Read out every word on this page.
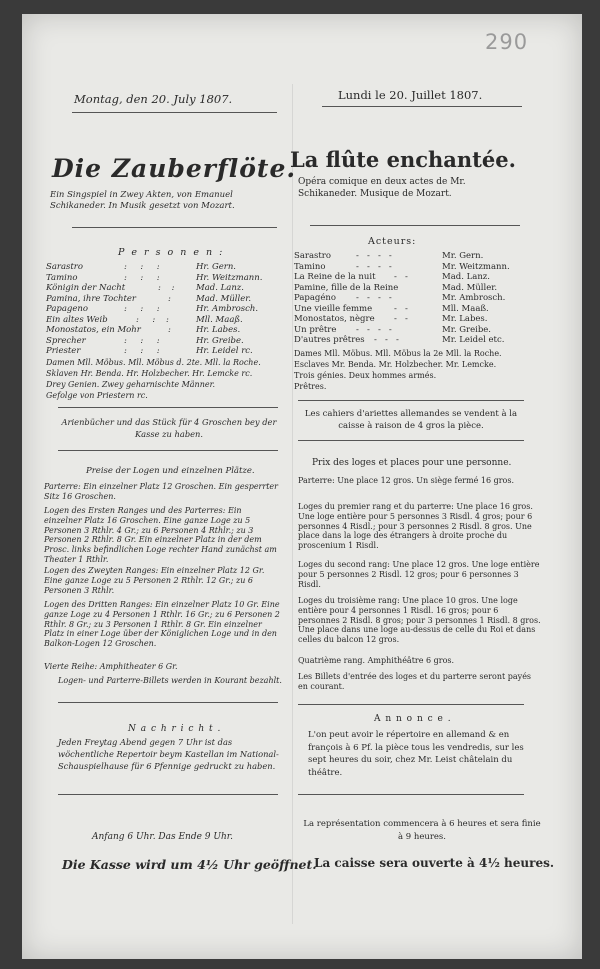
290
Montag, den 20. July 1807.
Die Zauberflöte.
Ein Singspiel in Zwey Akten, von Emanuel Schikaneder. In Musik gesetzt von Mozart.
P e r s o n e n :
Sarastro	:     :     :	Hr. Gern.
Tamino	:     :     :	Hr. Weitzmann.
Königin der Nacht	:    :	Mad. Lanz.
Pamina, ihre Tochter	:	Mad. Müller.
Papageno	:     :     :	Hr. Ambrosch.
Ein altes Weib	:     :    :	Mll. Maaß.
Monostatos, ein Mohr	:	Hr. Labes.
Sprecher	:     :     :	Hr. Greibe.
Priester	:     :     :	Hr. Leidel rc.
Damen Mll. Möbus. Mll. Möbus d. 2te. Mll. la Roche.
Sklaven Hr. Benda. Hr. Holzbecher. Hr. Lemcke rc.
Drey Genien. Zwey geharnischte Männer.
Gefolge von Priestern rc.
Arienbücher und das Stück für 4 Groschen bey der Kasse zu haben.
Preise der Logen und einzelnen Plätze.
Parterre: Ein einzelner Platz 12 Groschen. Ein gesperrter Sitz 16 Groschen.
Logen des Ersten Ranges und des Parterres: Ein einzelner Platz 16 Groschen. Eine ganze Loge zu 5 Personen 3 Rthlr. 4 Gr.; zu 6 Personen 4 Rthlr.; zu 3 Personen 2 Rthlr. 8 Gr. Ein einzelner Platz in der dem Prosc. links befindlichen Loge rechter Hand zunächst am Theater 1 Rthlr.
Logen des Zweyten Ranges: Ein einzelner Platz 12 Gr. Eine ganze Loge zu 5 Personen 2 Rthlr. 12 Gr.; zu 6 Personen 3 Rthlr.
Logen des Dritten Ranges: Ein einzelner Platz 10 Gr. Eine ganze Loge zu 4 Personen 1 Rthlr. 16 Gr.; zu 6 Personen 2 Rthlr. 8 Gr.; zu 3 Personen 1 Rthlr. 8 Gr. Ein einzelner Platz in einer Loge über der Königlichen Loge und in den Balkon-Logen 12 Groschen.
Vierte Reihe: Amphitheater 6 Gr.
Logen- und Parterre-Billets werden in Kourant bezahlt.
N a c h r i c h t .
Jeden Freytag Abend gegen 7 Uhr ist das wöchentliche Repertoir beym Kastellan im National-Schauspielhause für 6 Pfennige gedruckt zu haben.
Anfang 6 Uhr. Das Ende 9 Uhr.
Die Kasse wird um 4½ Uhr geöffnet.
Lundi le 20. Juillet 1807.
La flûte enchantée.
Opéra comique en deux actes de Mr. Schikaneder. Musique de Mozart.
Acteurs:
Sarastro	-   -   -   -	Mr. Gern.
Tamino	-   -   -   -	Mr. Weitzmann.
La Reine de la nuit -   -	Mad. Lanz.
Pamine, fille de la Reine	Mad. Müller.
Papagéno -   -   -   -	Mr. Ambrosch.
Une vieille femme	-   -	Mll. Maaß.
Monostatos, nègre -   -	Mr. Labes.
Un prêtre -   -   -   -	Mr. Greibe.
D'autres prêtres -   -   -	Mr. Leidel etc.
Dames Mll. Möbus. Mll. Möbus la 2e Mll. la Roche.
Esclaves Mr. Benda. Mr. Holzbecher. Mr. Lemcke.
Trois génies. Deux hommes armés.
Prêtres.
Les cahiers d'ariettes allemandes se vendent à la caisse à raison de 4 gros la pièce.
Prix des loges et places pour une personne.
Parterre: Une place 12 gros. Un siège fermé 16 gros.
Loges du premier rang et du parterre: Une place 16 gros. Une loge entière pour 5 personnes 3 Risdl. 4 gros; pour 6 personnes 4 Risdl.; pour 3 personnes 2 Risdl. 8 gros. Une place dans la loge des étrangers à droite proche du proscenium 1 Risdl.
Loges du second rang: Une place 12 gros. Une loge entière pour 5 personnes 2 Risdl. 12 gros; pour 6 personnes 3 Risdl.
Loges du troisième rang: Une place 10 gros. Une loge entière pour 4 personnes 1 Risdl. 16 gros; pour 6 personnes 2 Risdl. 8 gros; pour 3 personnes 1 Risdl. 8 gros. Une place dans une loge au-dessus de celle du Roi et dans celles du balcon 12 gros.
Quatrième rang. Amphithéâtre 6 gros.
Les Billets d'entrée des loges et du parterre seront payés en courant.
A n n o n c e .
L'on peut avoir le répertoire en allemand & en françois à 6 Pf. la pièce tous les vendredis, sur les sept heures du soir, chez Mr. Leist châtelain du théâtre.
La représentation commencera à 6 heures et sera finie à 9 heures.
La caisse sera ouverte à 4½ heures.
